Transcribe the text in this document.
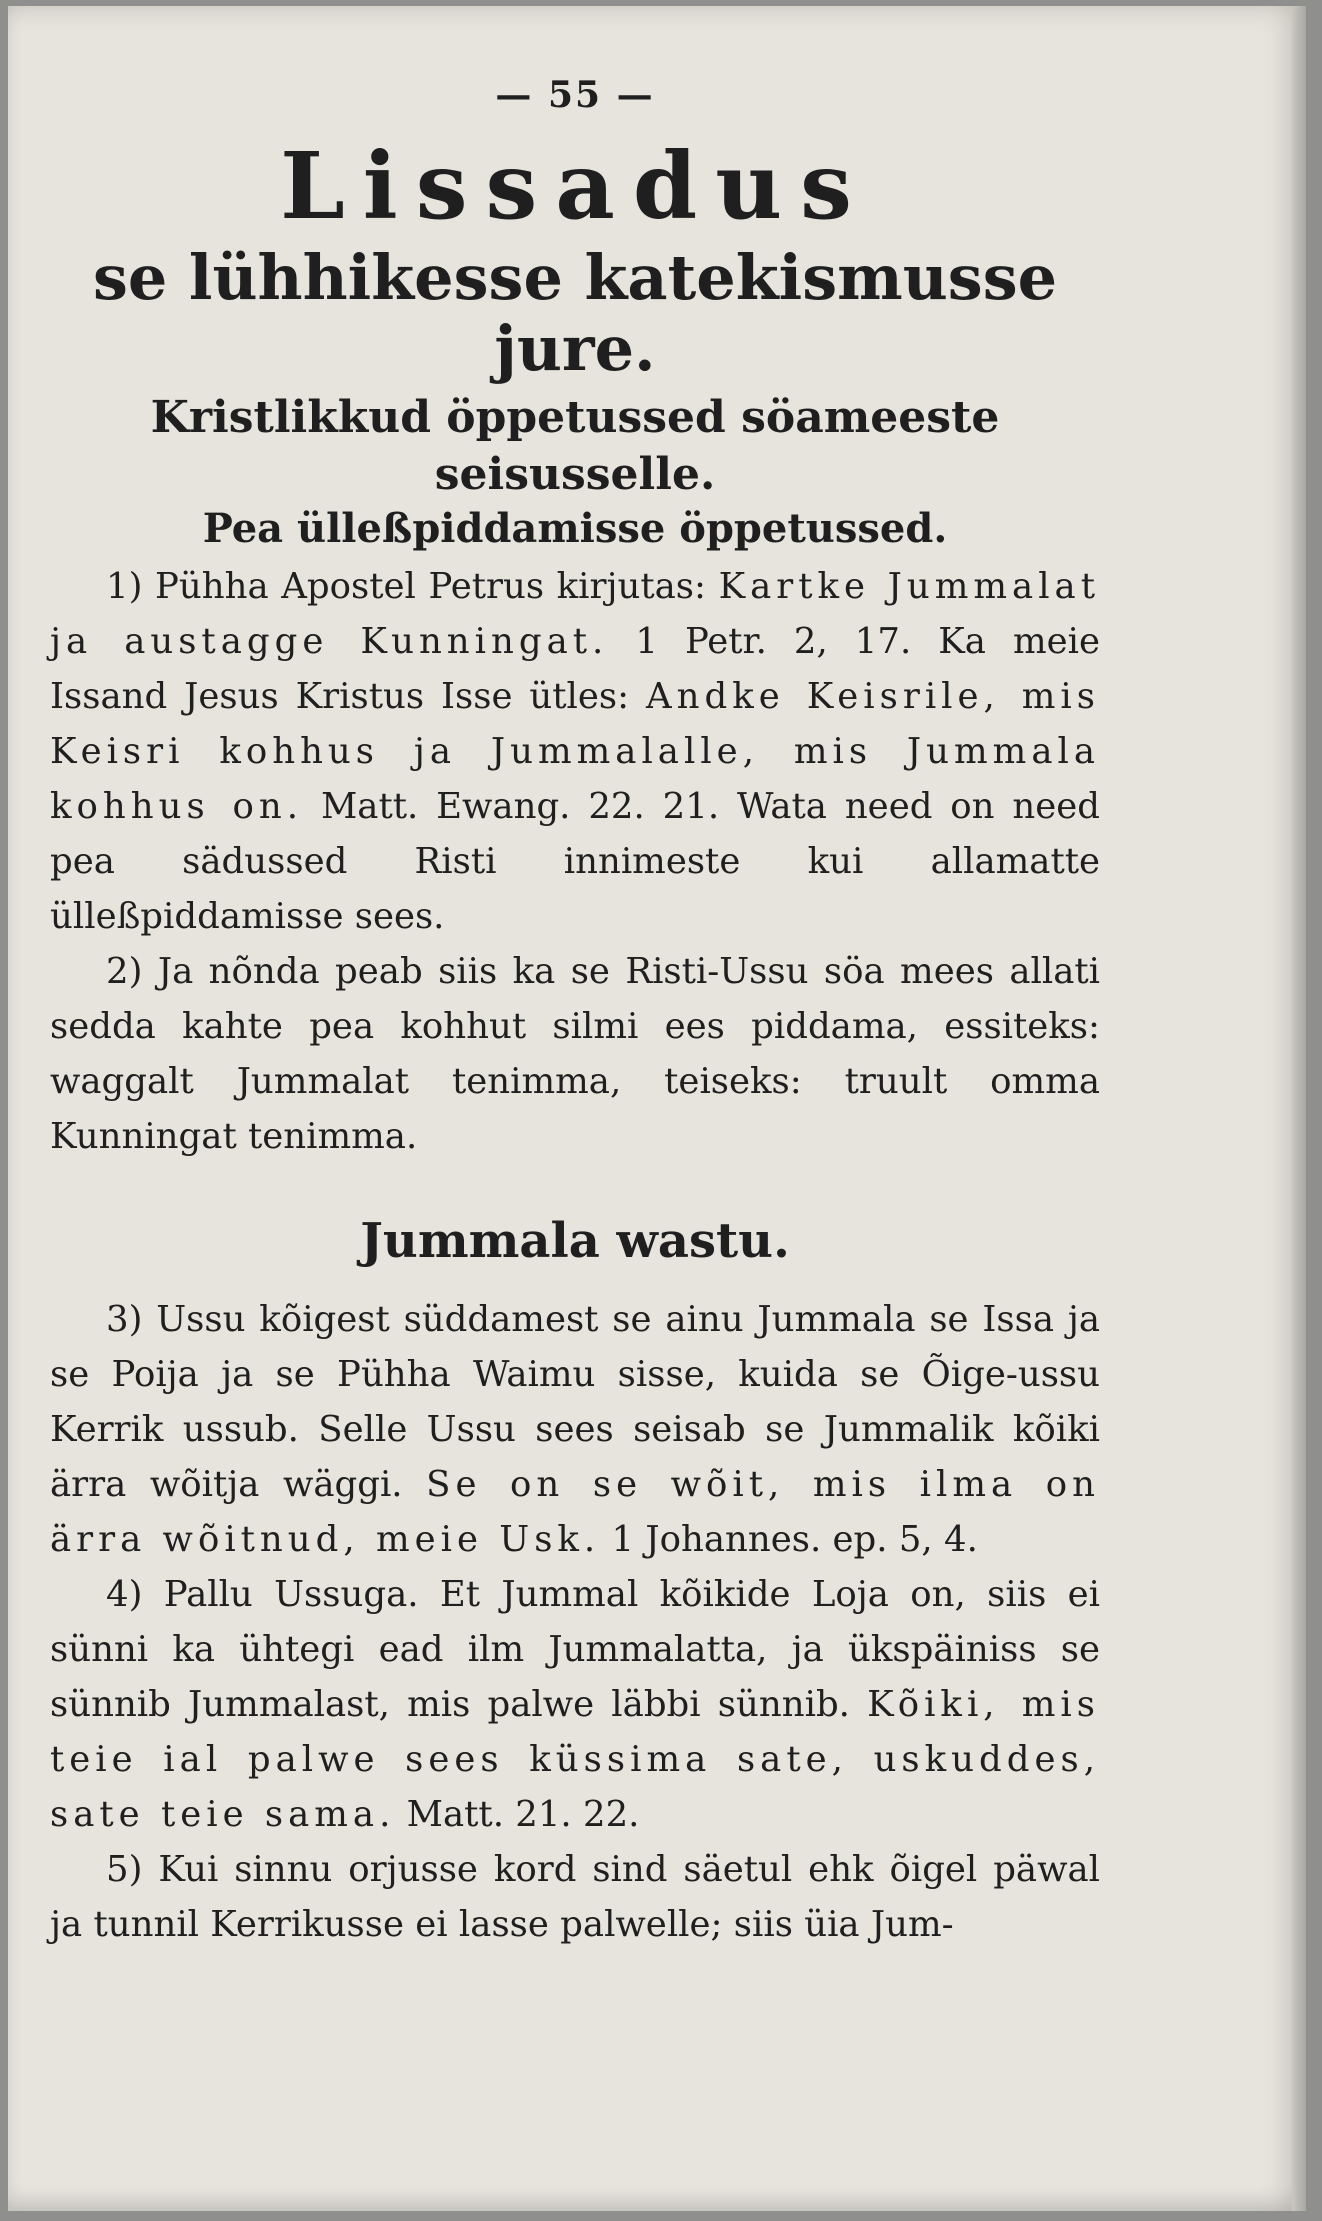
— 55 —
Lissadus
se lühhikesse katekismusse jure.
Kristlikkud öppetussed söameeste seisusselle.
Pea ülleßpiddamisse öppetussed.

1) Pühha Apostel Petrus kirjutas: Kartke Jummalat ja austagge Kunningat. 1 Petr. 2, 17. Ka meie Issand Jesus Kristus Isse ütles: Andke Keisrile, mis Keisri kohhus ja Jummalalle, mis Jummala kohhus on. Matt. Ewang. 22. 21. Wata need on need pea sädussed Risti innimeste kui allamatte ülleßpiddamisse sees.

2) Ja nõnda peab siis ka se Risti-Ussu söa mees allati sedda kahte pea kohhut silmi ees piddama, essiteks: waggalt Jummalat tenimma, teiseks: truult omma Kunningat tenimma.

Jummala wastu.

3) Ussu kõigest süddamest se ainu Jummala se Issa ja se Poija ja se Pühha Waimu sisse, kuida se Õige-ussu Kerrik ussub. Selle Ussu sees seisab se Jummalik kõiki ärra wõitja wäggi. Se on se wõit, mis ilma on ärra wõitnud, meie Usk. 1 Johannes. ep. 5, 4.

4) Pallu Ussuga. Et Jummal kõikide Loja on, siis ei sünni ka ühtegi ead ilm Jummalatta, ja ükspäiniss se sünnib Jummalast, mis palwe läbbi sünnib. Kõiki, mis teie ial palwe sees küssima sate, uskuddes, sate teie sama. Matt. 21. 22.

5) Kui sinnu orjusse kord sind säetul ehk õigel päwal ja tunnil Kerrikusse ei lasse palwelle; siis üia Jum-
